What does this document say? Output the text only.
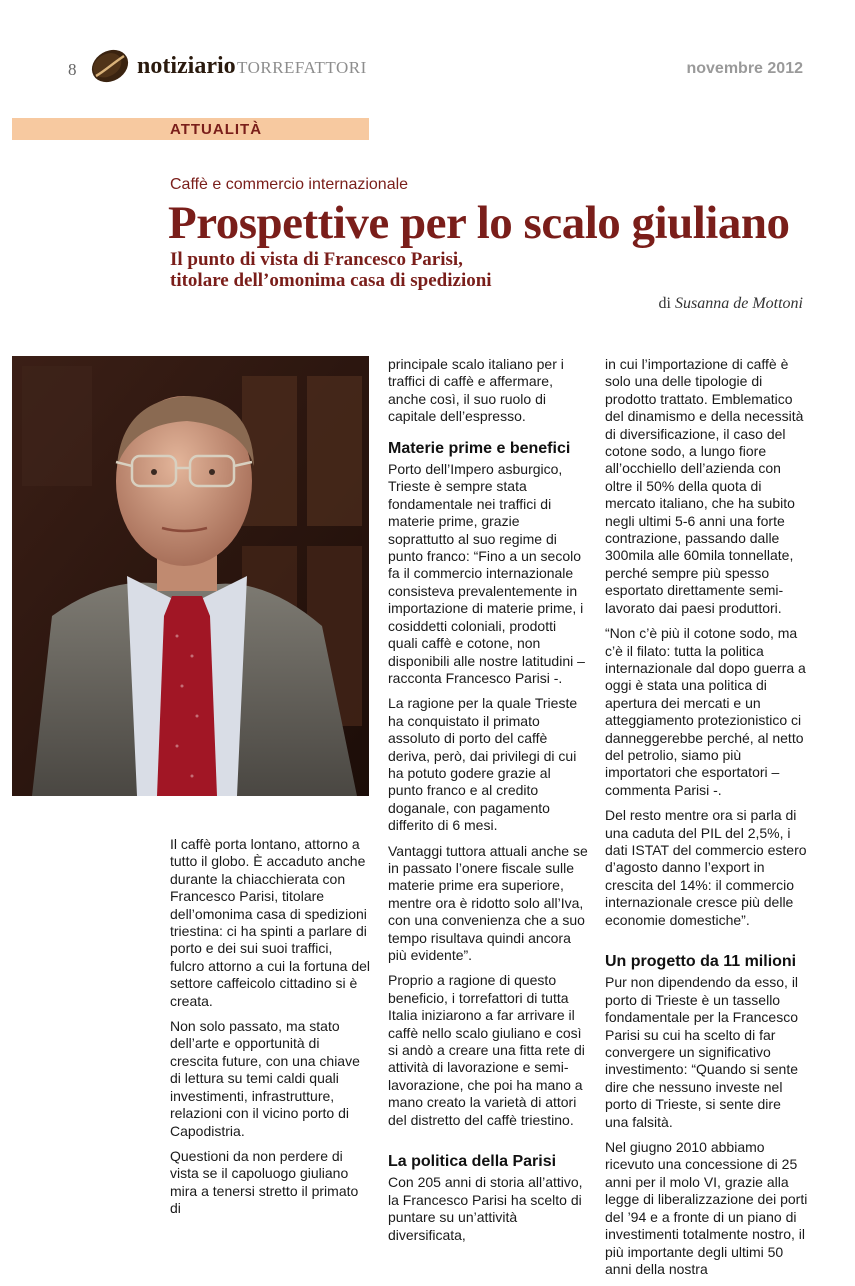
8	notiziario TORREFATTORI	novembre 2012
ATTUALITÀ
Caffè e commercio internazionale
Prospettive per lo scalo giuliano
Il punto di vista di Francesco Parisi,
titolare dell’omonima casa di spedizioni
di Susanna de Mottoni

Il caffè porta lontano, attorno a tutto il globo. È accaduto anche durante la chiacchierata con Francesco Parisi, titolare dell’omonima casa di spedizioni triestina: ci ha spinti a parlare di porto e dei sui suoi traffici, fulcro attorno a cui la fortuna del settore caffeicolo cittadino si è creata.

Non solo passato, ma stato dell’arte e opportunità di crescita future, con una chiave di lettura su temi caldi quali investimenti, infrastrutture, relazioni con il vicino porto di Capodistria.

Questioni da non perdere di vista se il capoluogo giuliano mira a tenersi stretto il primato di

principale scalo italiano per i traffici di caffè e affermare, anche così, il suo ruolo di capitale dell’espresso.

Materie prime e benefici

Porto dell’Impero asburgico, Trieste è sempre stata fondamentale nei traffici di materie prime, grazie soprattutto al suo regime di punto franco: “Fino a un secolo fa il commercio internazionale consisteva prevalentemente in importazione di materie prime, i cosiddetti coloniali, prodotti quali caffè e cotone, non disponibili alle nostre latitudini – racconta Francesco Parisi -.

La ragione per la quale Trieste ha conquistato il primato assoluto di porto del caffè deriva, però, dai privilegi di cui ha potuto godere grazie al punto franco e al credito doganale, con pagamento differito di 6 mesi.

Vantaggi tuttora attuali anche se in passato l’onere fiscale sulle materie prime era superiore, mentre ora è ridotto solo all’Iva, con una convenienza che a suo tempo risultava quindi ancora più evidente”.

Proprio a ragione di questo beneficio, i torrefattori di tutta Italia iniziarono a far arrivare il caffè nello scalo giuliano e così si andò a creare una fitta rete di attività di lavorazione e semi-lavorazione, che poi ha mano a mano creato la varietà di attori del distretto del caffè triestino.

La politica della Parisi

Con 205 anni di storia all’attivo, la Francesco Parisi ha scelto di puntare su un’attività diversificata,

in cui l’importazione di caffè è solo una delle tipologie di prodotto trattato. Emblematico del dinamismo e della necessità di diversificazione, il caso del cotone sodo, a lungo fiore all’occhiello dell’azienda con oltre il 50% della quota di mercato italiano, che ha subito negli ultimi 5-6 anni una forte contrazione, passando dalle 300mila alle 60mila tonnellate, perché sempre più spesso esportato direttamente semi-lavorato dai paesi produttori.

“Non c’è più il cotone sodo, ma c’è il filato: tutta la politica internazionale dal dopo guerra a oggi è stata una politica di apertura dei mercati e un atteggiamento protezionistico ci danneggerebbe perché, al netto del petrolio, siamo più importatori che esportatori – commenta Parisi -.

Del resto mentre ora si parla di una caduta del PIL del 2,5%, i dati ISTAT del commercio estero d’agosto danno l’export in crescita del 14%: il commercio internazionale cresce più delle economie domestiche”.

Un progetto da 11 milioni

Pur non dipendendo da esso, il porto di Trieste è un tassello fondamentale per la Francesco Parisi su cui ha scelto di far convergere un significativo investimento: “Quando si sente dire che nessuno investe nel porto di Trieste, si sente dire una falsità.

Nel giugno 2010 abbiamo ricevuto una concessione di 25 anni per il molo VI, grazie alla legge di liberalizzazione dei porti del ’94 e a fronte di un piano di investimenti totalmente nostro, il più importante degli ultimi 50 anni della nostra
